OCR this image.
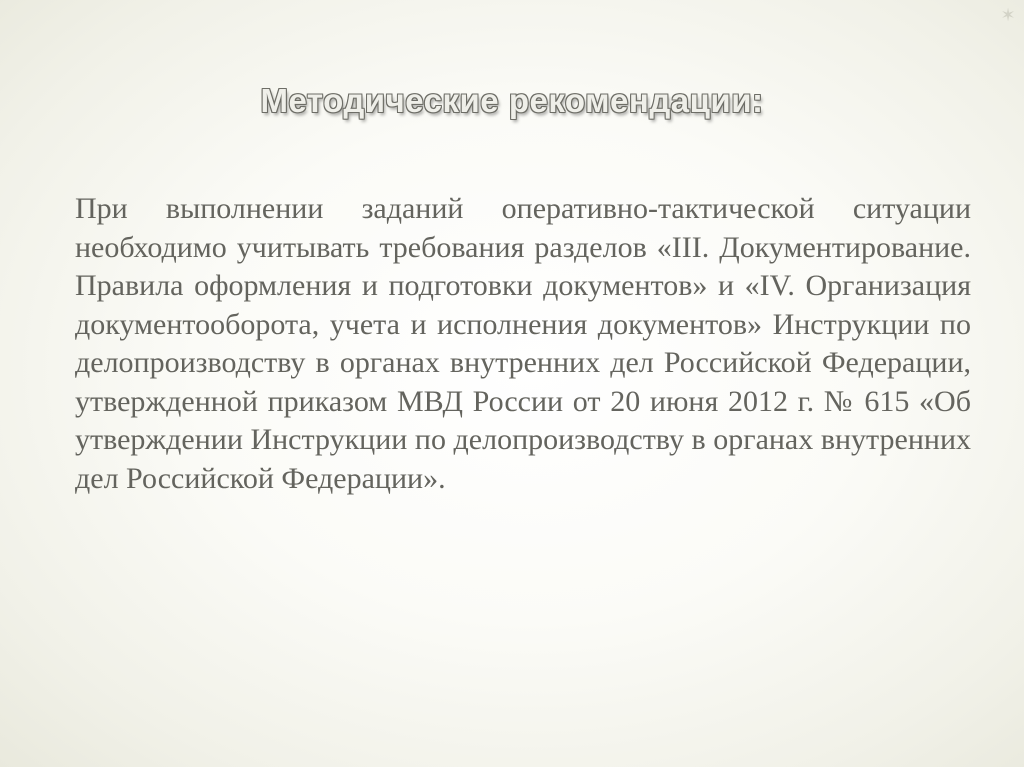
✶
Методические рекомендации:

При выполнении заданий оперативно-тактической ситуации необходимо учитывать требования разделов «III. Документирование. Правила оформления и подготовки документов» и «IV. Организация документооборота, учета и исполнения документов» Инструкции по делопроизводству в органах внутренних дел Российской Федерации, утвержденной приказом МВД России от 20 июня 2012 г. № 615 «Об утверждении Инструкции по делопроизводству в органах внутренних дел Российской Федерации».
